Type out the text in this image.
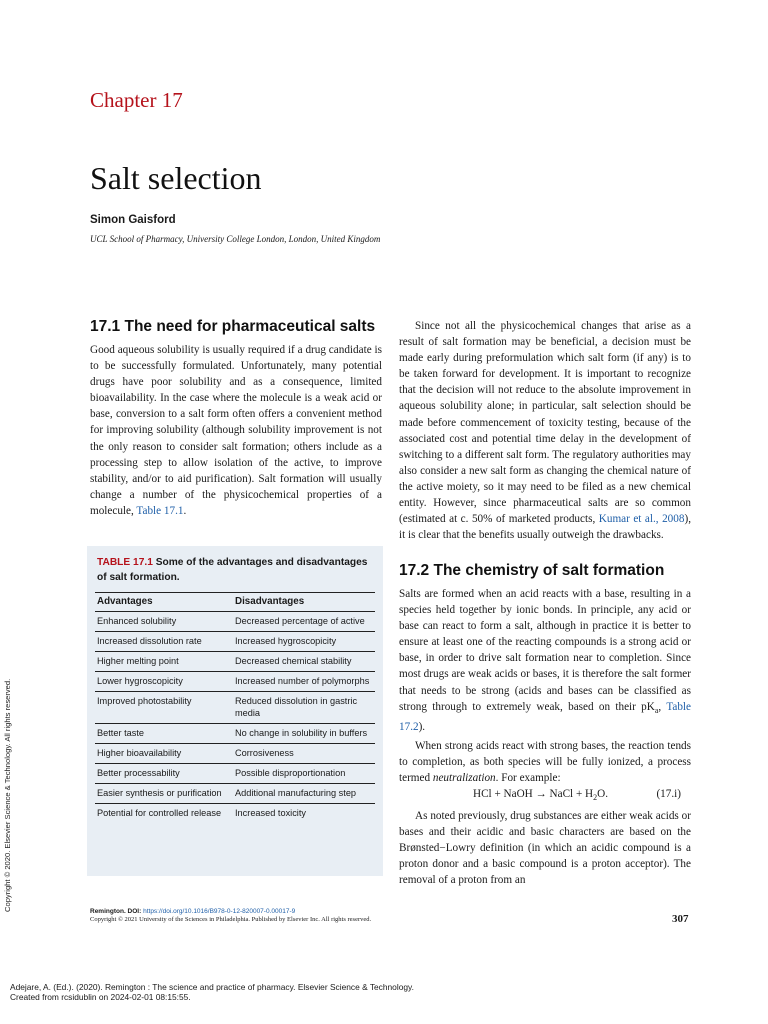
Chapter 17
Salt selection
Simon Gaisford
UCL School of Pharmacy, University College London, London, United Kingdom
17.1 The need for pharmaceutical salts

Good aqueous solubility is usually required if a drug candidate is to be successfully formulated. Unfortunately, many potential drugs have poor solubility and as a consequence, limited bioavailability. In the case where the molecule is a weak acid or base, conversion to a salt form often offers a convenient method for improving solubility (although solubility improvement is not the only reason to consider salt formation; others include as a processing step to allow isolation of the active, to improve stability, and/or to aid purification). Salt formation will usually change a number of the physicochemical properties of a molecule, Table 17.1.

Since not all the physicochemical changes that arise as a result of salt formation may be beneficial, a decision must be made early during preformulation which salt form (if any) is to be taken forward for development. It is important to recognize that the decision will not reduce to the absolute improvement in aqueous solubility alone; in particular, salt selection should be made before commencement of toxicity testing, because of the associated cost and potential time delay in the development of switching to a different salt form. The regulatory authorities may also consider a new salt form as changing the chemical nature of the active moiety, so it may need to be filed as a new chemical entity. However, since pharmaceutical salts are so common (estimated at c. 50% of marketed products, Kumar et al., 2008), it is clear that the benefits usually outweigh the drawbacks.

17.2 The chemistry of salt formation

Salts are formed when an acid reacts with a base, resulting in a species held together by ionic bonds. In principle, any acid or base can react to form a salt, although in practice it is better to ensure at least one of the reacting compounds is a strong acid or base, in order to drive salt formation near to completion. Since most drugs are weak acids or bases, it is therefore the salt former that needs to be strong (acids and bases can be classified as strong through to extremely weak, based on their $pK_a$, Table 17.2).

When strong acids react with strong bases, the reaction tends to completion, as both species will be fully ionized, a process termed neutralization. For example:

HCl + NaOH → NaCl + $H_2O$.	(17.i)

As noted previously, drug substances are either weak acids or bases and their acidic and basic characters are based on the Brønsted−Lowry definition (in which an acidic compound is a proton donor and a basic compound is a proton acceptor). The removal of a proton from an

TABLE 17.1 Some of the advantages and disadvantages of salt formation.
Advantages	Disadvantages
Enhanced solubility	Decreased percentage of active
Increased dissolution rate	Increased hygroscopicity
Higher melting point	Decreased chemical stability
Lower hygroscopicity	Increased number of polymorphs
Improved photostability	Reduced dissolution in gastric media
Better taste	No change in solubility in buffers
Higher bioavailability	Corrosiveness
Better processability	Possible disproportionation
Easier synthesis or purification	Additional manufacturing step
Potential for controlled release	Increased toxicity
Remington. DOI: https://doi.org/10.1016/B978-0-12-820007-0.00017-9
Copyright © 2021 University of the Sciences in Philadelphia. Published by Elsevier Inc. All rights reserved.	307
Copyright © 2020. Elsevier Science & Technology. All rights reserved.
Adejare, A. (Ed.). (2020). Remington : The science and practice of pharmacy. Elsevier Science & Technology.
Created from rcsidublin on 2024-02-01 08:15:55.
